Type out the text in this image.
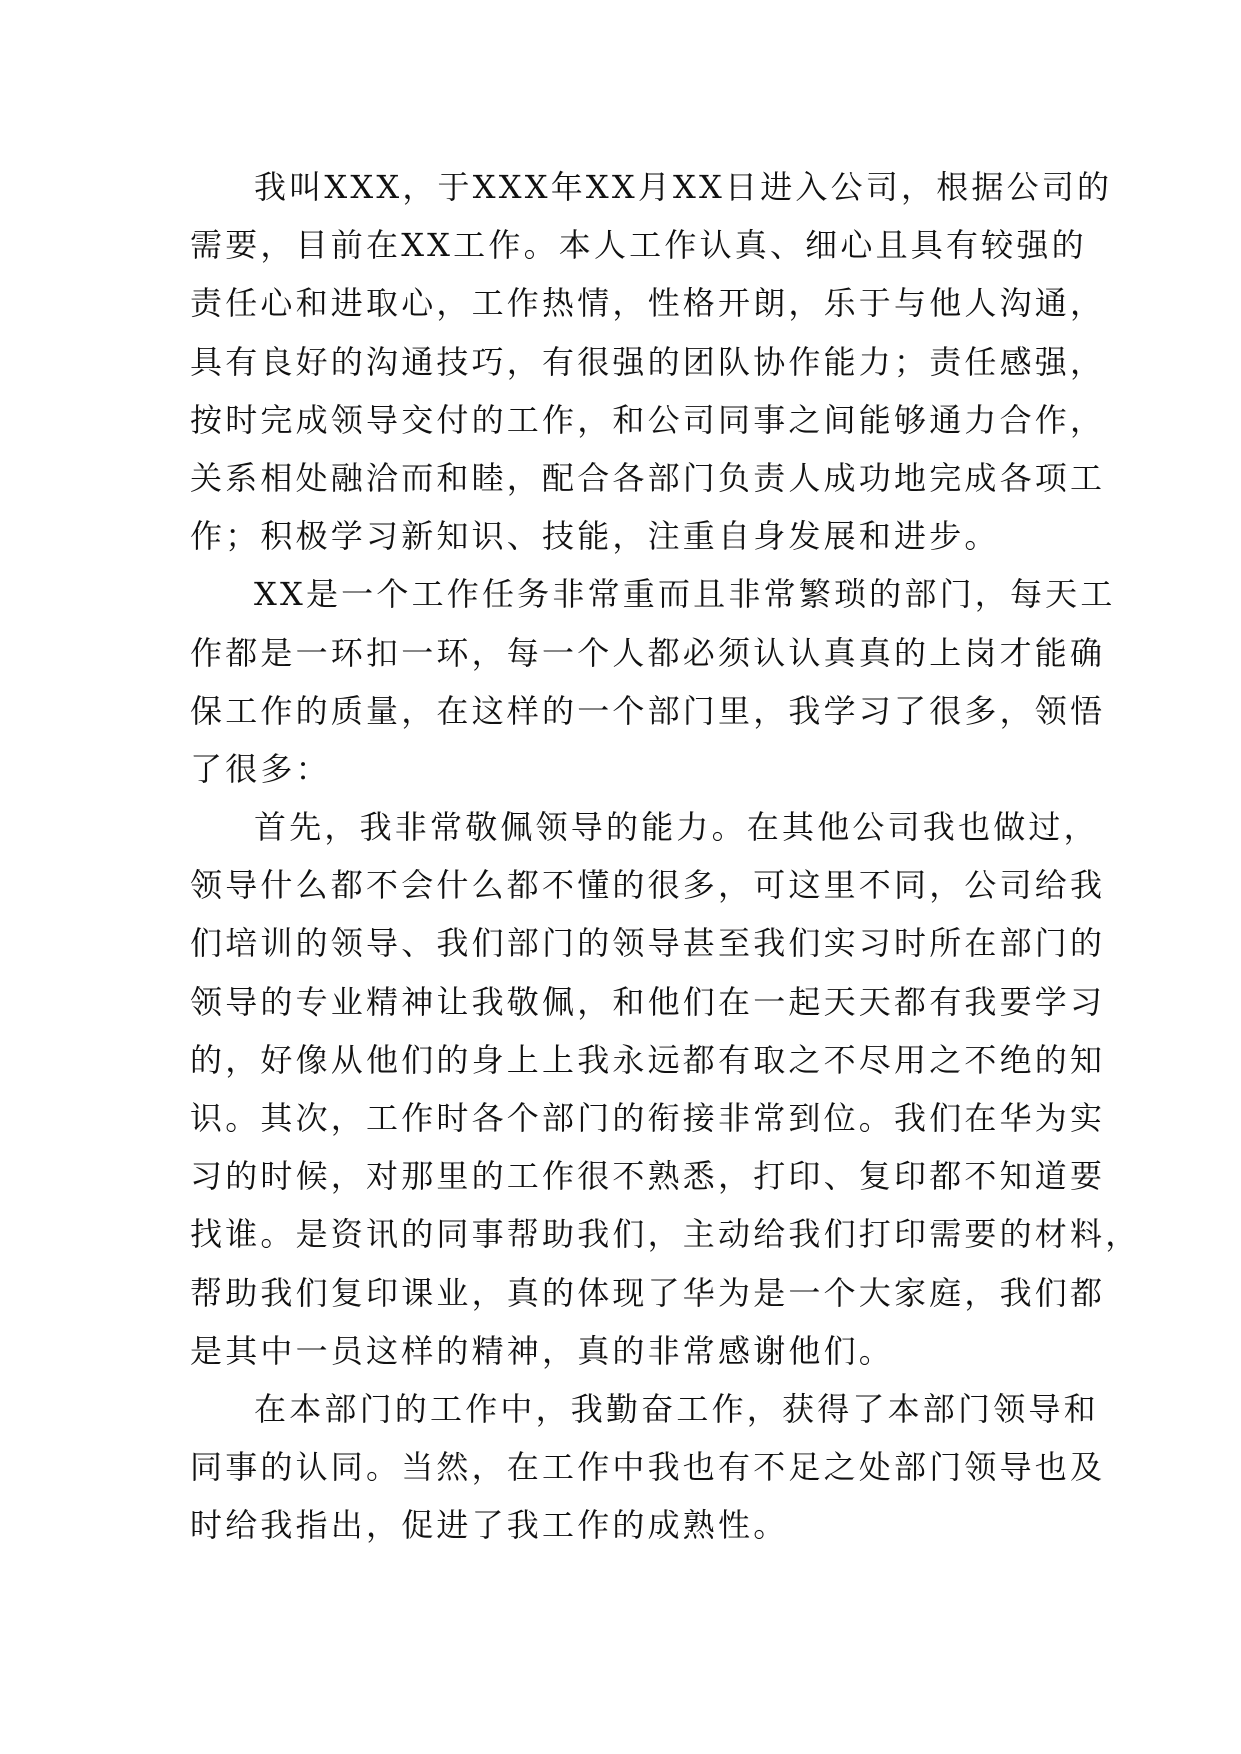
我叫XXX，于XXX年XX月XX日进入公司，根据公司的
需要，目前在XX工作。本人工作认真、细心且具有较强的
责任心和进取心，工作热情，性格开朗，乐于与他人沟通，
具有良好的沟通技巧，有很强的团队协作能力；责任感强，
按时完成领导交付的工作，和公司同事之间能够通力合作，
关系相处融洽而和睦，配合各部门负责人成功地完成各项工
作；积极学习新知识、技能，注重自身发展和进步。
XX是一个工作任务非常重而且非常繁琐的部门，每天工
作都是一环扣一环，每一个人都必须认认真真的上岗才能确
保工作的质量，在这样的一个部门里，我学习了很多，领悟
了很多：
首先，我非常敬佩领导的能力。在其他公司我也做过，
领导什么都不会什么都不懂的很多，可这里不同，公司给我
们培训的领导、我们部门的领导甚至我们实习时所在部门的
领导的专业精神让我敬佩，和他们在一起天天都有我要学习
的，好像从他们的身上上我永远都有取之不尽用之不绝的知
识。其次，工作时各个部门的衔接非常到位。我们在华为实
习的时候，对那里的工作很不熟悉，打印、复印都不知道要
找谁。是资讯的同事帮助我们，主动给我们打印需要的材料，
帮助我们复印课业，真的体现了华为是一个大家庭，我们都
是其中一员这样的精神，真的非常感谢他们。
在本部门的工作中，我勤奋工作，获得了本部门领导和
同事的认同。当然，在工作中我也有不足之处部门领导也及
时给我指出，促进了我工作的成熟性。
